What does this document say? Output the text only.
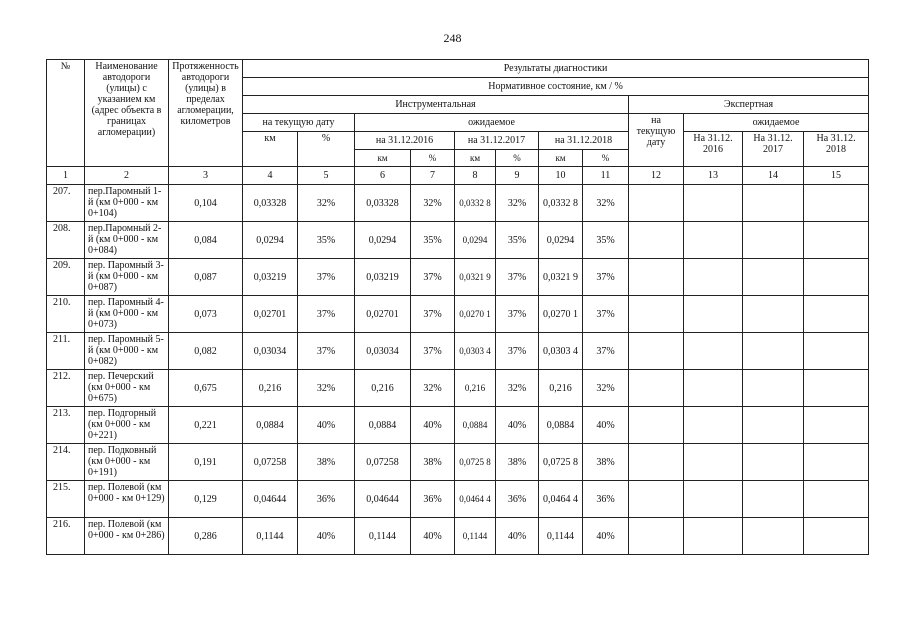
248
№	Наименование автодороги (улицы) с указанием км (адрес объекта в границах агломерации)	Протяженность автодороги (улицы) в пределах агломерации, километров	Результаты диагностики											
			Нормативное состояние, км / %											
			Инструментальная								Экспертная			
			на текущую дату		ожидаемое						на текущую дату	ожидаемое		
			км	%	на 31.12.2016		на 31.12.2017		на 31.12.2018			На 31.12. 2016	На 31.12. 2017	На 31.12. 2018
					км	%	км	%	км	%				
1	2	3	4	5	6	7	8	9	10	11	12	13	14	15
207.	пер.Паромный 1-й (км 0+000 - км 0+104)	0,104	0,03328	32%	0,03328	32%	0,0332 8	32%	0,0332 8	32%				
208.	пер.Паромный 2-й (км 0+000 - км 0+084)	0,084	0,0294	35%	0,0294	35%	0,0294	35%	0,0294	35%				
209.	пер. Паромный 3-й (км 0+000 - км 0+087)	0,087	0,03219	37%	0,03219	37%	0,0321 9	37%	0,0321 9	37%				
210.	пер. Паромный 4-й (км 0+000 - км 0+073)	0,073	0,02701	37%	0,02701	37%	0,0270 1	37%	0,0270 1	37%				
211.	пер. Паромный 5-й (км 0+000 - км 0+082)	0,082	0,03034	37%	0,03034	37%	0,0303 4	37%	0,0303 4	37%				
212.	пер. Печерский (км 0+000 - км 0+675)	0,675	0,216	32%	0,216	32%	0,216	32%	0,216	32%				
213.	пер. Подгорный (км 0+000 - км 0+221)	0,221	0,0884	40%	0,0884	40%	0,0884	40%	0,0884	40%				
214.	пер. Подковный (км 0+000 - км 0+191)	0,191	0,07258	38%	0,07258	38%	0,0725 8	38%	0,0725 8	38%				
215.	пер. Полевой (км 0+000 - км 0+129)	0,129	0,04644	36%	0,04644	36%	0,0464 4	36%	0,0464 4	36%				
216.	пер. Полевой (км 0+000 - км 0+286)	0,286	0,1144	40%	0,1144	40%	0,1144	40%	0,1144	40%				
